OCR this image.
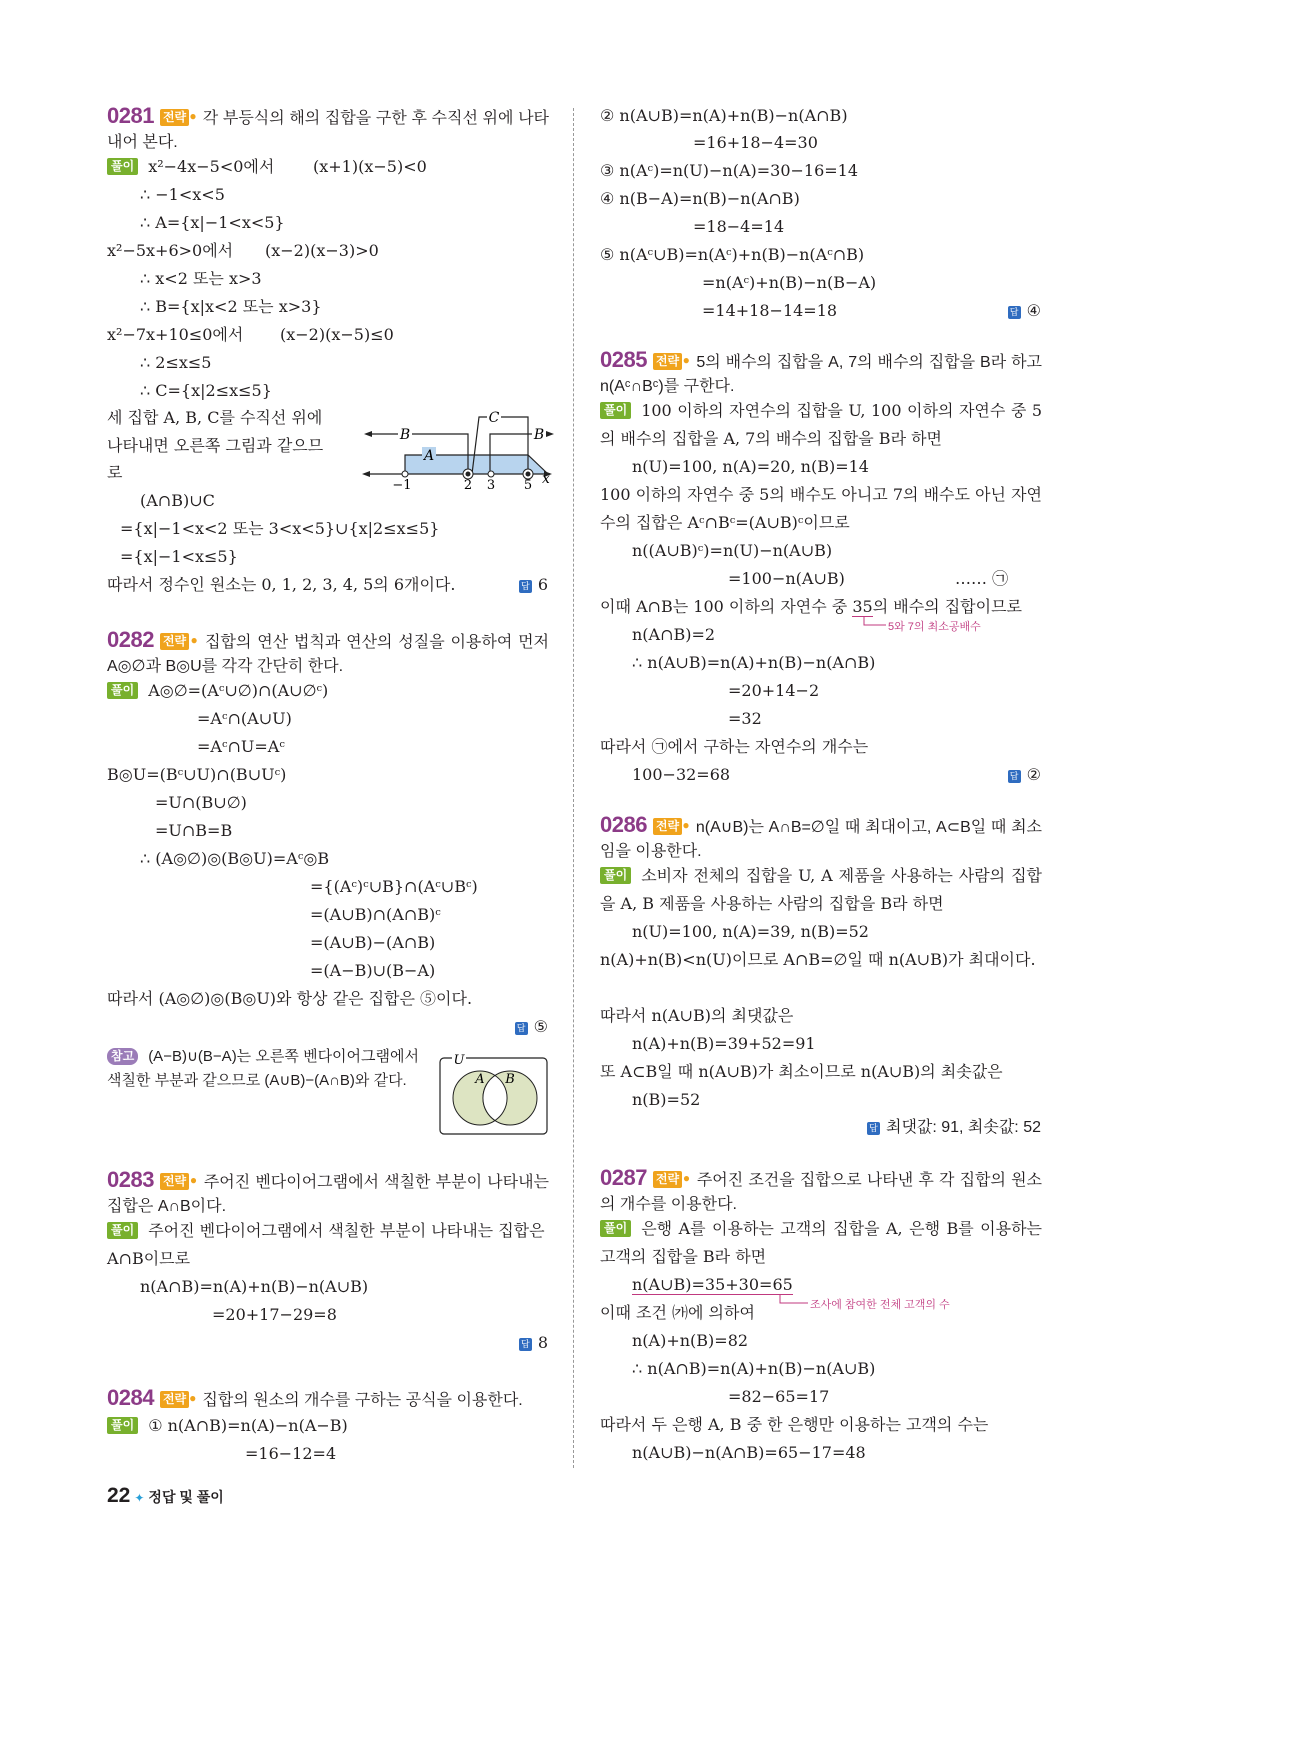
0281 전략 ● 각 부등식의 해의 집합을 구한 후 수직선 위에 나타내어 본다.
풀이 x²−4x−5<0에서 (x+1)(x−5)<0
∴ −1<x<5
∴ A={x|−1<x<5}
x²−5x+6>0에서 (x−2)(x−3)>0
∴ x<2 또는 x>3
∴ B={x|x<2 또는 x>3}
x²−7x+10≤0에서 (x−2)(x−5)≤0
∴ 2≤x≤5
∴ C={x|2≤x≤5}
세 집합 A, B, C를 수직선 위에
나타내면 오른쪽 그림과 같으므
로
(A∩B)∪C
={x|−1<x<2 또는 3<x<5}∪{x|2≤x≤5}
={x|−1<x≤5}
따라서 정수인 원소는 0, 1, 2, 3, 4, 5의 6개이다.	답 6
B	B
A
C
−1	2 3 5 x
0282 전략 ● 집합의 연산 법칙과 연산의 성질을 이용하여 먼저 A◎∅과 B◎U를 각각 간단히 한다.
풀이 A◎∅=(Aᶜ∪∅)∩(A∪∅ᶜ)
=Aᶜ∩(A∪U)
=Aᶜ∩U=Aᶜ
B◎U=(Bᶜ∪U)∩(B∪Uᶜ)
=U∩(B∪∅)
=U∩B=B
∴ (A◎∅)◎(B◎U)=Aᶜ◎B
={(Aᶜ)ᶜ∪B}∩(Aᶜ∪Bᶜ)
=(A∪B)∩(A∩B)ᶜ
=(A∪B)−(A∩B)
=(A−B)∪(B−A)
따라서 (A◎∅)◎(B◎U)와 항상 같은 집합은 ⑤이다.
답 ⑤
참고 (A−B)∪(B−A)는 오른쪽 벤다이어그램에서 색칠한 부분과 같으므로 (A∪B)−(A∩B)와 같다.
U
A B
0283 전략 ● 주어진 벤다이어그램에서 색칠한 부분이 나타내는 집합은 A∩B이다.
풀이 주어진 벤다이어그램에서 색칠한 부분이 나타내는 집합은
A∩B이므로
n(A∩B)=n(A)+n(B)−n(A∪B)
=20+17−29=8
답 8
0284 전략 ● 집합의 원소의 개수를 구하는 공식을 이용한다.
풀이 ① n(A∩B)=n(A)−n(A−B)
=16−12=4
② n(A∪B)=n(A)+n(B)−n(A∩B)
=16+18−4=30
③ n(Aᶜ)=n(U)−n(A)=30−16=14
④ n(B−A)=n(B)−n(A∩B)
=18−4=14
⑤ n(Aᶜ∪B)=n(Aᶜ)+n(B)−n(Aᶜ∩B)
=n(Aᶜ)+n(B)−n(B−A)
=14+18−14=18	답 ④
0285 전략 ● 5의 배수의 집합을 A, 7의 배수의 집합을 B라 하고 n(Aᶜ∩Bᶜ)를 구한다.
풀이 100 이하의 자연수의 집합을 U, 100 이하의 자연수 중 5의 배수의 집합을 A, 7의 배수의 집합을 B라 하면
n(U)=100, n(A)=20, n(B)=14
100 이하의 자연수 중 5의 배수도 아니고 7의 배수도 아닌 자연수의 집합은 Aᶜ∩Bᶜ=(A∪B)ᶜ이므로
n((A∪B)ᶜ)=n(U)−n(A∪B)
=100−n(A∪B)	…… ㉠
이때 A∩B는 100 이하의 자연수 중 35의 배수의 집합이므로
5와 7의 최소공배수
n(A∩B)=2
∴ n(A∪B)=n(A)+n(B)−n(A∩B)
=20+14−2
=32
따라서 ㉠에서 구하는 자연수의 개수는
100−32=68	답 ②
0286 전략 ● n(A∪B)는 A∩B=∅일 때 최대이고, A⊂B일 때 최소임을 이용한다.
풀이 소비자 전체의 집합을 U, A 제품을 사용하는 사람의 집합을 A, B 제품을 사용하는 사람의 집합을 B라 하면
n(U)=100, n(A)=39, n(B)=52
n(A)+n(B)<n(U)이므로 A∩B=∅일 때 n(A∪B)가 최대이다.
따라서 n(A∪B)의 최댓값은
n(A)+n(B)=39+52=91
또 A⊂B일 때 n(A∪B)가 최소이므로 n(A∪B)의 최솟값은
n(B)=52
답 최댓값: 91, 최솟값: 52
0287 전략 ● 주어진 조건을 집합으로 나타낸 후 각 집합의 원소의 개수를 이용한다.
풀이 은행 A를 이용하는 고객의 집합을 A, 은행 B를 이용하는 고객의 집합을 B라 하면
n(A∪B)=35+30=65
조사에 참여한 전체 고객의 수
이때 조건 ㈎에 의하여
n(A)+n(B)=82
∴ n(A∩B)=n(A)+n(B)−n(A∪B)
=82−65=17
따라서 두 은행 A, B 중 한 은행만 이용하는 고객의 수는
n(A∪B)−n(A∩B)=65−17=48
22 ✦ 정답 및 풀이
